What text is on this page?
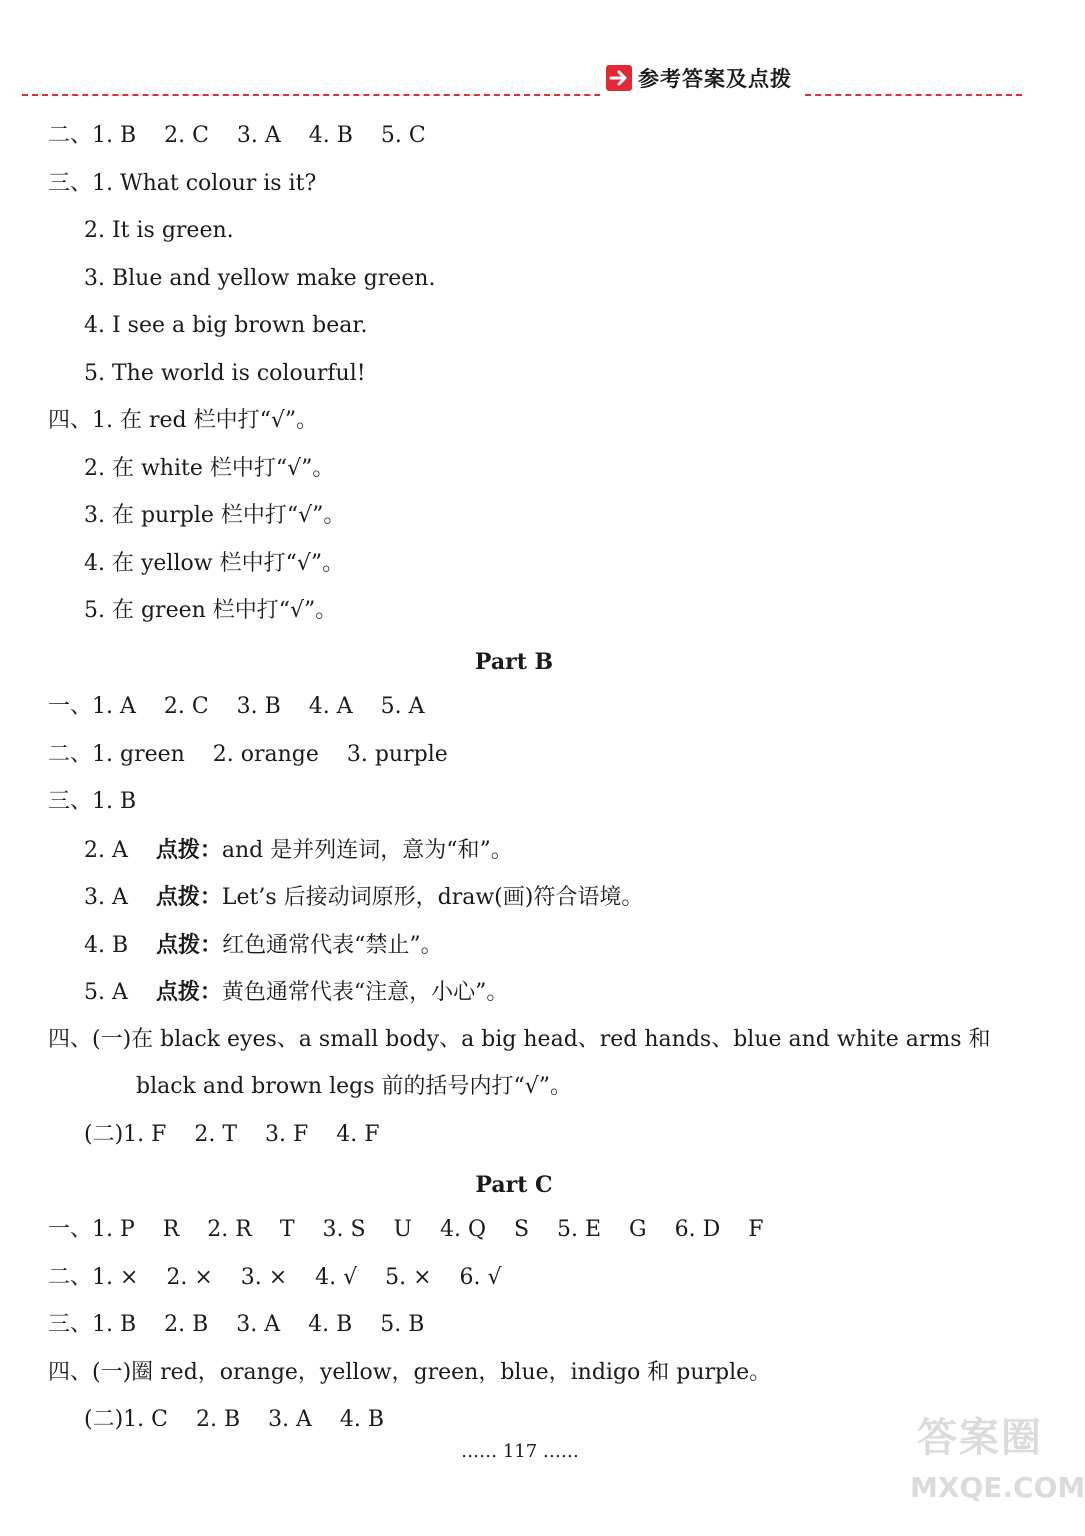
参考答案及点拨
二、1. B    2. C    3. A    4. B    5. C
三、1. What colour is it?
2. It is green.
3. Blue and yellow make green.
4. I see a big brown bear.
5. The world is colourful!
四、1. 在 red 栏中打“√”。
2. 在 white 栏中打“√”。
3. 在 purple 栏中打“√”。
4. 在 yellow 栏中打“√”。
5. 在 green 栏中打“√”。
Part B
一、1. A    2. C    3. B    4. A    5. A
二、1. green    2. orange    3. purple
三、1. B
2. A    点拨：and 是并列连词，意为“和”。
3. A    点拨：Let’s 后接动词原形，draw(画)符合语境。
4. B    点拨：红色通常代表“禁止”。
5. A    点拨：黄色通常代表“注意，小心”。
四、(一)在 black eyes、a small body、a big head、red hands、blue and white arms 和
black and brown legs 前的括号内打“√”。
(二)1. F    2. T    3. F    4. F
Part C
一、1. P    R    2. R    T    3. S    U    4. Q    S    5. E    G    6. D    F
二、1. ×    2. ×    3. ×    4. √    5. ×    6. √
三、1. B    2. B    3. A    4. B    5. B
四、(一)圈 red，orange，yellow，green，blue，indigo 和 purple。
(二)1. C    2. B    3. A    4. B
…… 117 ……	答案圈
MXQE.COM
